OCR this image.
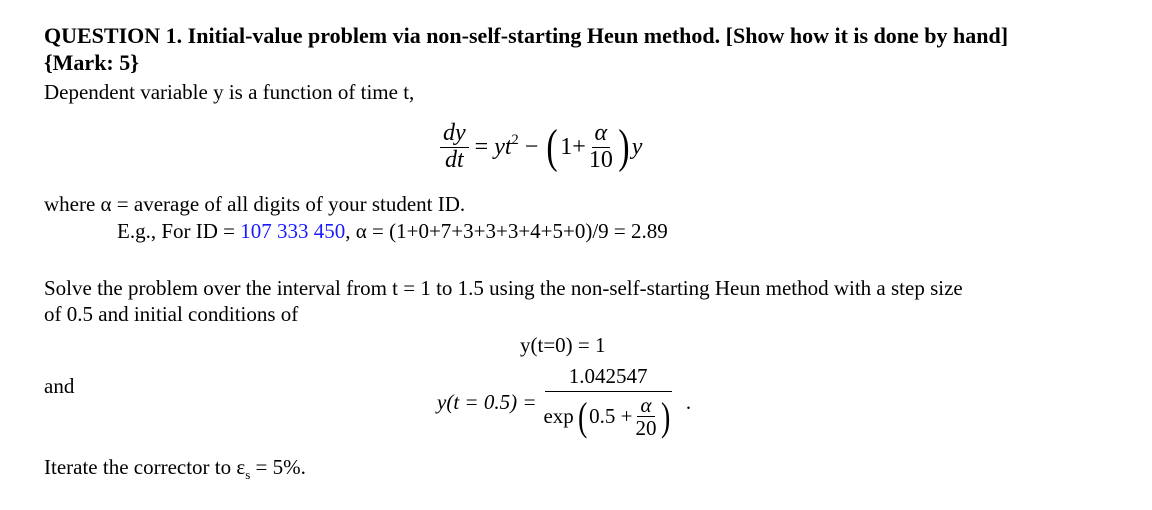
QUESTION 1. Initial-value problem via non-self-starting Heun method. [Show how it is done by hand]
{Mark: 5}
Dependent variable y is a function of time t,
$\frac{dy}{dt} = yt^2$ − ( $1+ \frac{\alpha}{10}$ ) y
where α = average of all digits of your student ID.
E.g., For ID = 107 333 450, α = (1+0+7+3+3+3+4+5+0)/9 = 2.89
Solve the problem over the interval from t = 1 to 1.5 using the non-self-starting Heun method with a step size
of 0.5 and initial conditions of
y(t=0) = 1
and
y(t = 0.5) =
1.042547
exp ( $0.5 + \frac{\alpha}{20}$ ) .
Iterate the corrector to $\varepsilon_s = 5\%$.
